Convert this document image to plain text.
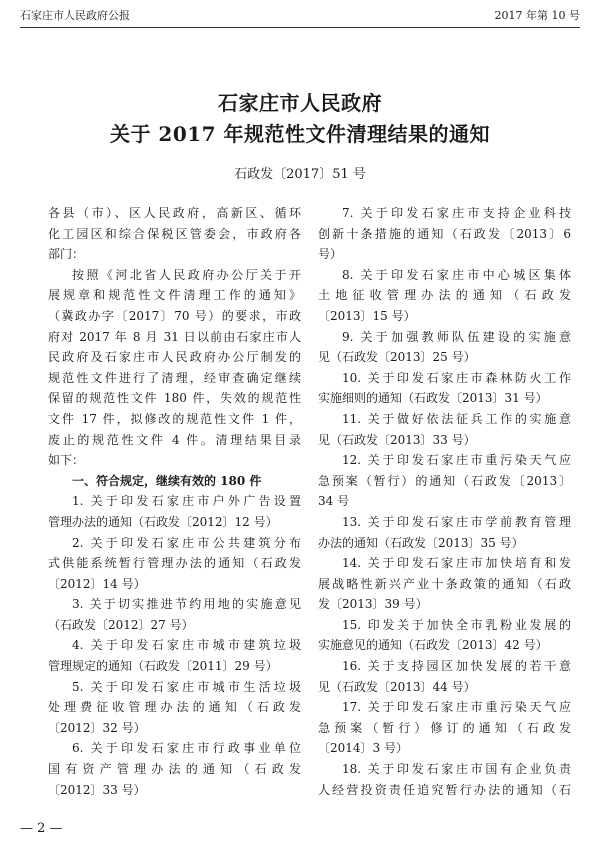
石家庄市人民政府公报	2017 年第 10 号
石家庄市人民政府
关于 2017 年规范性文件清理结果的通知
石政发〔2017〕51 号
各县（市）、区人民政府，高新区、循环
化工园区和综合保税区管委会，市政府各
部门：
按照《河北省人民政府办公厅关于开
展规章和规范性文件清理工作的通知》
（冀政办字〔2017〕70 号）的要求，市政
府对 2017 年 8 月 31 日以前由石家庄市人
民政府及石家庄市人民政府办公厅制发的
规范性文件进行了清理，经审查确定继续
保留的规范性文件 180 件，失效的规范性
文件 17 件，拟修改的规范性文件 1 件，
废止的规范性文件 4 件。清理结果目录
如下：
一、符合规定，继续有效的 180 件
1. 关于印发石家庄市户外广告设置
管理办法的通知（石政发〔2012〕12 号）
2. 关于印发石家庄市公共建筑分布
式供能系统暂行管理办法的通知（石政发
〔2012〕14 号）
3. 关于切实推进节约用地的实施意见
（石政发〔2012〕27 号）
4. 关于印发石家庄市城市建筑垃圾
管理规定的通知（石政发〔2011〕29 号）
5. 关于印发石家庄市城市生活垃圾
处理费征收管理办法的通知（石政发
〔2012〕32 号）
6. 关于印发石家庄市行政事业单位
国有资产管理办法的通知（石政发
〔2012〕33 号）
7. 关于印发石家庄市支持企业科技
创新十条措施的通知（石政发〔2013〕6
号）
8. 关于印发石家庄市中心城区集体
土地征收管理办法的通知（石政发
〔2013〕15 号）
9. 关于加强教师队伍建设的实施意
见（石政发〔2013〕25 号）
10. 关于印发石家庄市森林防火工作
实施细则的通知（石政发〔2013〕31 号）
11. 关于做好依法征兵工作的实施意
见（石政发〔2013〕33 号）
12. 关于印发石家庄市重污染天气应
急预案（暂行）的通知（石政发〔2013〕
34 号
13. 关于印发石家庄市学前教育管理
办法的通知（石政发〔2013〕35 号）
14. 关于印发石家庄市加快培育和发
展战略性新兴产业十条政策的通知（石政
发〔2013〕39 号）
15. 印发关于加快全市乳粉业发展的
实施意见的通知（石政发〔2013〕42 号）
16. 关于支持园区加快发展的若干意
见（石政发〔2013〕44 号）
17. 关于印发石家庄市重污染天气应
急预案（暂行）修订的通知（石政发
〔2014〕3 号）
18. 关于印发石家庄市国有企业负责
人经营投资责任追究暂行办法的通知（石
— 2 —
